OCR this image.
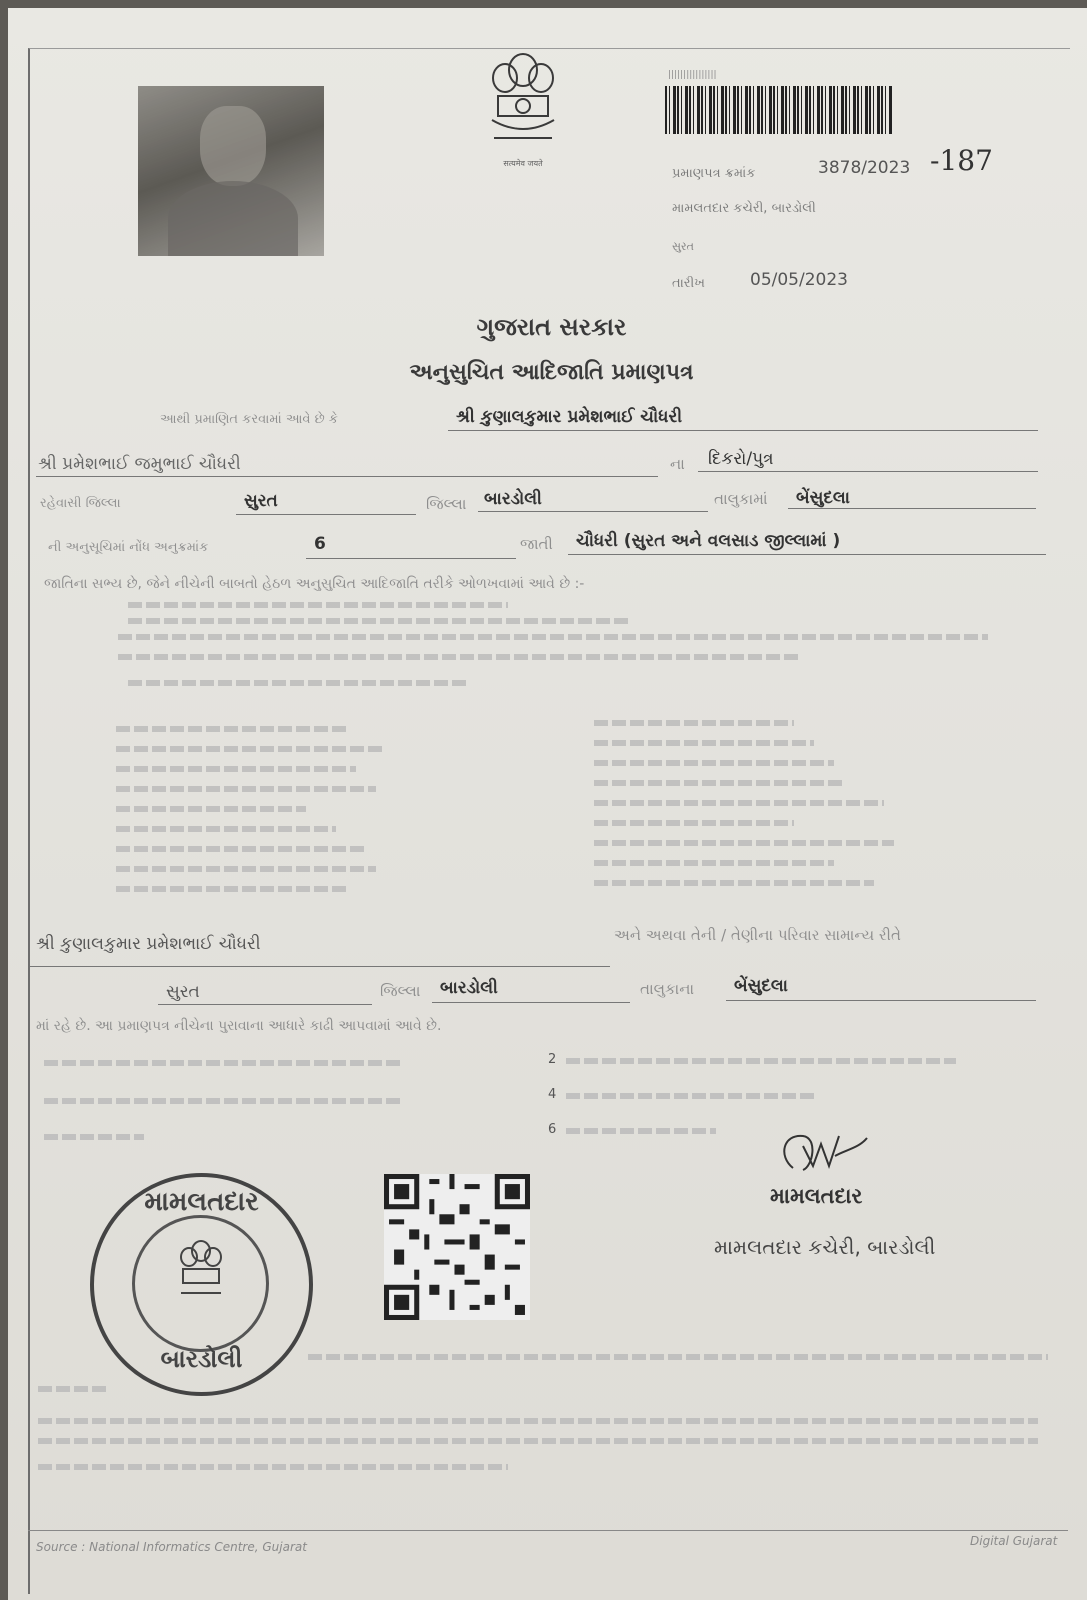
सत्यमेव जयते
||||||||||||||||
પ્રમાણપત્ર ક્રમાંક	3878/2023 -187
મામલતદાર કચેરી, બારડોલી
સુરત
તારીખ	05/05/2023
ગુજરાત સરકાર
અનુસુચિત આદિજાતિ પ્રમાણપત્ર
આથી પ્રમાણિત કરવામાં આવે છે કે	શ્રી કુણાલકુમાર પ્રમેશભાઈ ચૌધરી
શ્રી પ્રમેશભાઈ જમુભાઈ ચૌધરી	ના દિકરો/પુત્ર
રહેવાસી જિલ્લા	સુરત	જિલ્લા બારડોલી	તાલુકામાં બેંસુદલા
ની અનુસૂચિમાં નોંધ અનુક્રમાંક	6	જાતી ચૌધરી (સુરત અને વલસાડ જીલ્લામાં )
જાતિના સભ્ય છે, જેને નીચેની બાબતો હેઠળ અનુસુચિત આદિજાતિ તરીકે ઓળખવામાં આવે છે :-
શ્રી કુણાલકુમાર પ્રમેશભાઈ ચૌધરી	અને અથવા તેની / તેણીના પરિવાર સામાન્ય રીતે
સુરત	જિલ્લા બારડોલી	તાલુકાના બેંસુદલા
માં રહે છે. આ પ્રમાણપત્ર નીચેના પુરાવાના આધારે કાઢી આપવામાં આવે છે.
2
4
6
મામલતદાર
બારડોલી
મામલતદાર
મામલતદાર કચેરી, બારડોલી
Source : National Informatics Centre, Gujarat	Digital Gujarat
